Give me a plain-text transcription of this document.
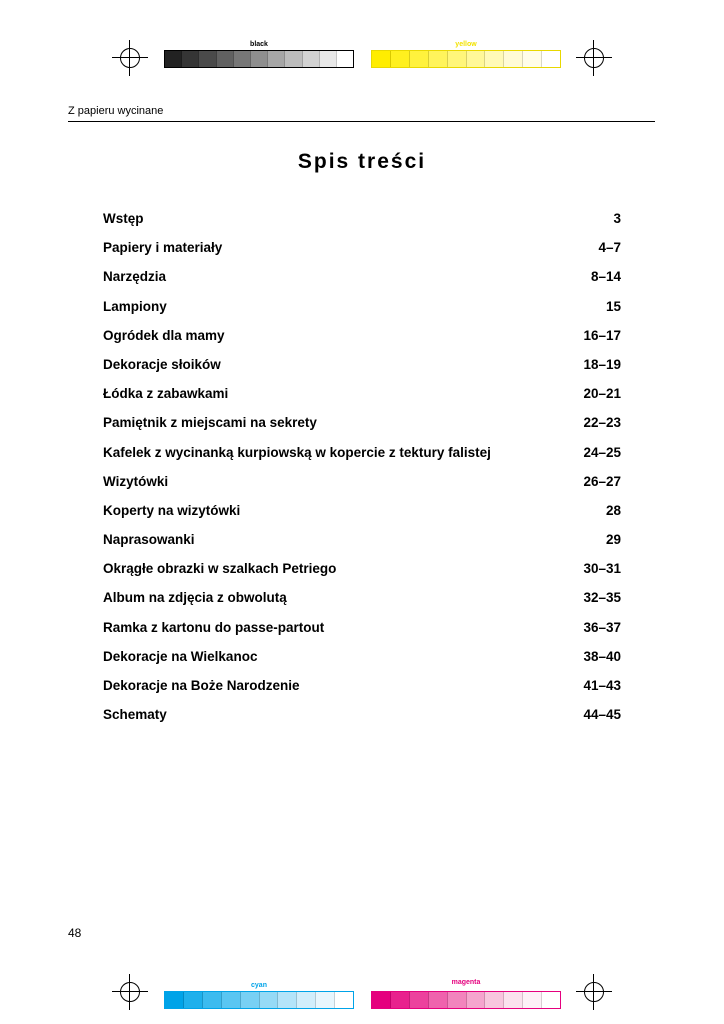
black	yellow
Z papieru wycinane
Spis treści
Wstęp	3
Papiery i materiały	4–7
Narzędzia	8–14
Lampiony	15
Ogródek dla mamy	16–17
Dekoracje słoików	18–19
Łódka z zabawkami	20–21
Pamiętnik z miejscami na sekrety	22–23
Kafelek z wycinanką kurpiowską w kopercie z tektury falistej	24–25
Wizytówki	26–27
Koperty na wizytówki	28
Naprasowanki	29
Okrągłe obrazki w szalkach Petriego	30–31
Album na zdjęcia z obwolutą	32–35
Ramka z kartonu do passe-partout	36–37
Dekoracje na Wielkanoc	38–40
Dekoracje na Boże Narodzenie	41–43
Schematy	44–45
48
cyan	magenta
